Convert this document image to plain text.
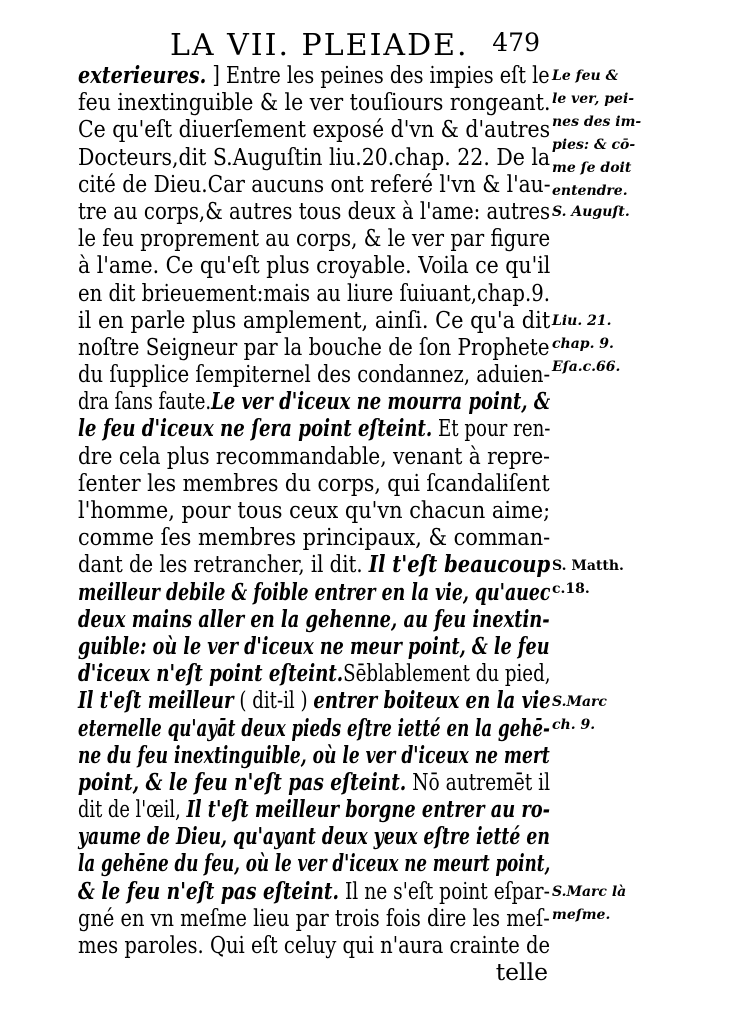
LA VII. PLEIADE. 479
exterieures. ] Entre les peines des impies eſt le
feu inextinguible & le ver touſiours rongeant.
Ce qu'eſt diuerſement exposé d'vn & d'autres
Docteurs,dit S.Auguſtin liu.20.chap. 22. De la
cité de Dieu.Car aucuns ont referé l'vn & l'au-
tre au corps,& autres tous deux à l'ame: autres
le feu proprement au corps, & le ver par figure
à l'ame. Ce qu'eſt plus croyable. Voila ce qu'il
en dit brieuement:mais au liure ſuiuant,chap.9.
il en parle plus amplement, ainſi. Ce qu'a dit
noſtre Seigneur par la bouche de ſon Prophete
du ſupplice ſempiternel des condannez, aduien-
dra ſans faute.Le ver d'iceux ne mourra point, &
le feu d'iceux ne ſera point eſteint. Et pour ren-
dre cela plus recommandable, venant à repre-
ſenter les membres du corps, qui ſcandaliſent
l'homme, pour tous ceux qu'vn chacun aime;
comme ſes membres principaux, & comman-
dant de les retrancher, il dit. Il t'eſt beaucoup
meilleur debile & foible entrer en la vie, qu'auec
deux mains aller en la gehenne, au feu inextin-
guible: où le ver d'iceux ne meur point, & le feu
d'iceux n'eſt point eſteint.Sēblablement du pied,
Il t'eſt meilleur ( dit-il ) entrer boiteux en la vie
eternelle qu'ayāt deux pieds eſtre ietté en la gehē-
ne du feu inextinguible, où le ver d'iceux ne mert
point, & le feu n'eſt pas eſteint. Nō autremēt il
dit de l'œil, Il t'eſt meilleur borgne entrer au ro-
yaume de Dieu, qu'ayant deux yeux eſtre ietté en
la gehēne du feu, où le ver d'iceux ne meurt point,
& le feu n'eſt pas eſteint. Il ne s'eſt point eſpar-
gné en vn meſme lieu par trois fois dire les meſ-
mes paroles. Qui eſt celuy qui n'aura crainte de
telle
Le feu &
le ver, pei-
nes des im-
pies: & cō-
me ſe doit
entendre.
S. Auguſt.
Liu. 21.
chap. 9.
Eſa.c.66.
S. Matth.
c.18.
S.Marc
ch. 9.
S.Marc là
meſme.
